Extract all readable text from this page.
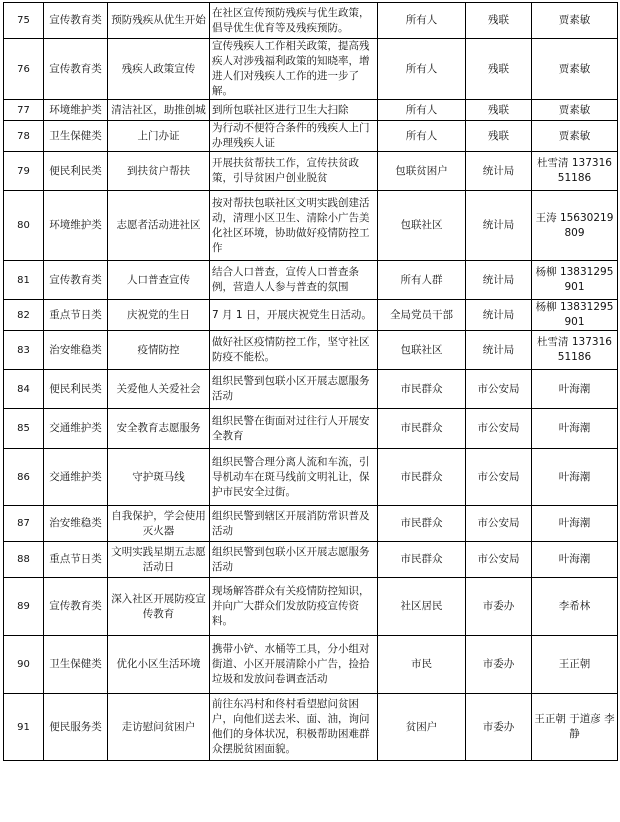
75	宣传教育类	预防残疾从优生开始	在社区宣传预防残疾与优生政策，倡导优生优育等及残疾预防。	所有人	残联	贾素敏
76	宣传教育类	残疾人政策宣传	宣传残疾人工作相关政策，提高残疾人对涉残福利政策的知晓率，增进人们对残疾人工作的进一步了解。	所有人	残联	贾素敏
77	环境维护类	清洁社区，助推创城	到所包联社区进行卫生大扫除	所有人	残联	贾素敏
78	卫生保健类	上门办证	为行动不便符合条件的残疾人上门办理残疾人证	所有人	残联	贾素敏
79	便民利民类	到扶贫户帮扶	开展扶贫帮扶工作，宣传扶贫政策，引导贫困户创业脱贫	包联贫困户	统计局	杜雪清 13731651186
80	环境维护类	志愿者活动进社区	按对帮扶包联社区文明实践创建活动，清理小区卫生、清除小广告美化社区环境，协助做好疫情防控工作	包联社区	统计局	王涛 15630219809
81	宣传教育类	人口普查宣传	结合人口普查，宣传人口普查条例，营造人人参与普查的氛围	所有人群	统计局	杨柳 13831295901
82	重点节日类	庆祝党的生日	7 月 1 日，开展庆祝党生日活动。	全局党员干部	统计局	杨柳 13831295901
83	治安维稳类	疫情防控	做好社区疫情防控工作，坚守社区防疫不能松。	包联社区	统计局	杜雪清 13731651186
84	便民利民类	关爱他人关爱社会	组织民警到包联小区开展志愿服务活动	市民群众	市公安局	叶海潮
85	交通维护类	安全教育志愿服务	组织民警在街面对过往行人开展安全教育	市民群众	市公安局	叶海潮
86	交通维护类	守护斑马线	组织民警合理分离人流和车流，引导机动车在斑马线前文明礼让，保护市民安全过街。	市民群众	市公安局	叶海潮
87	治安维稳类	自我保护，学会使用灭火器	组织民警到辖区开展消防常识普及活动	市民群众	市公安局	叶海潮
88	重点节日类	文明实践星期五志愿活动日	组织民警到包联小区开展志愿服务活动	市民群众	市公安局	叶海潮
89	宣传教育类	深入社区开展防疫宣传教育	现场解答群众有关疫情防控知识，并向广大群众们发放防疫宣传资料。	社区居民	市委办	李希林
90	卫生保健类	优化小区生活环境	携带小铲、水桶等工具，分小组对街道、小区开展清除小广告，捡拾垃圾和发放问卷调查活动	市民	市委办	王正朝
91	便民服务类	走访慰问贫困户	前往东冯村和佟村看望慰问贫困户，向他们送去米、面、油，询问他们的身体状况，积极帮助困难群众摆脱贫困面貌。	贫困户	市委办	王正朝 于道彦 李静
